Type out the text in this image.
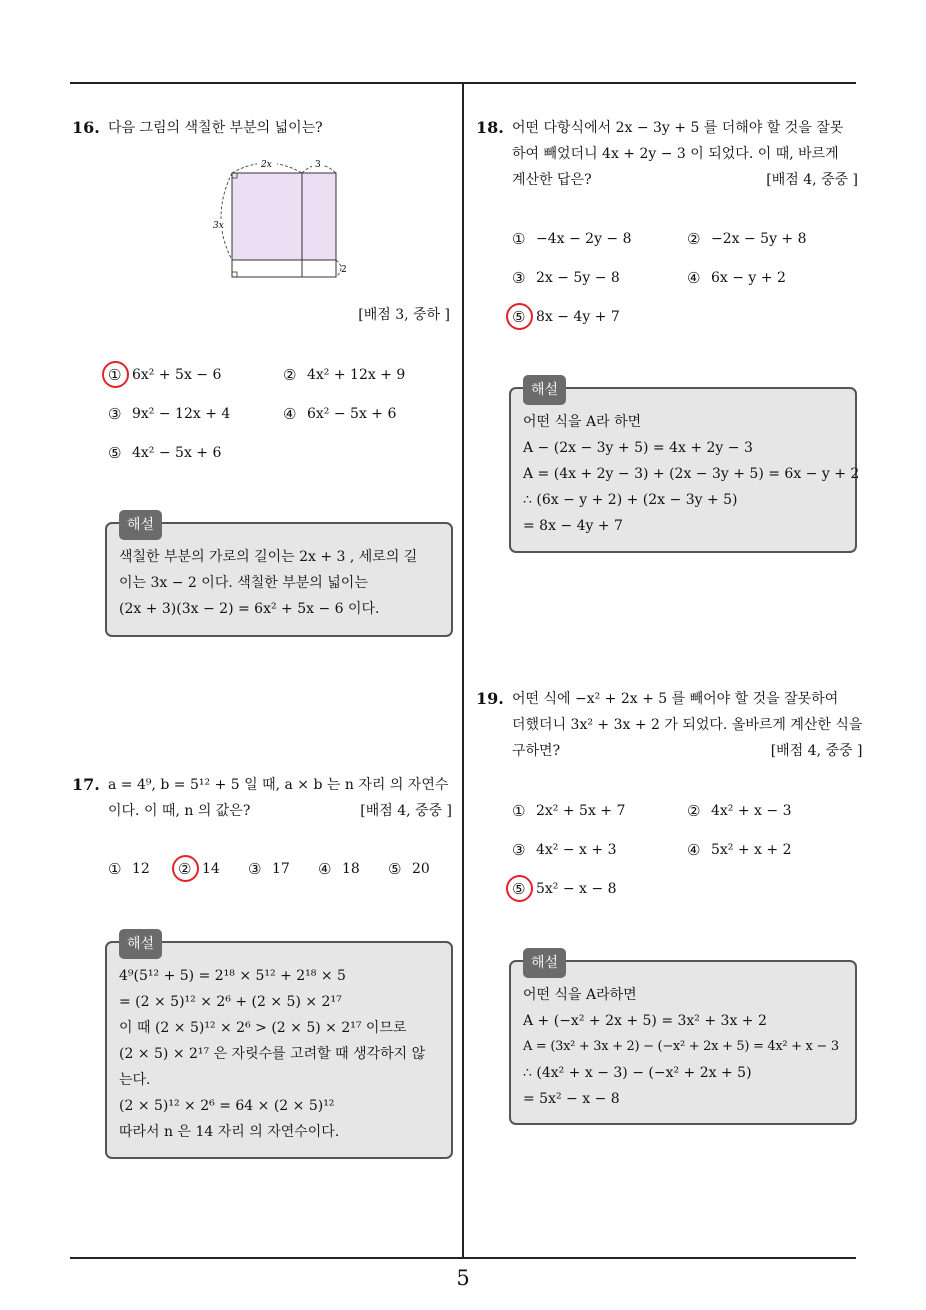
5
16. 다음 그림의 색칠한 부분의 넓이는?
2x	3
3x
2
[배점 3, 중하 ]
① 6x² + 5x − 6	② 4x² + 12x + 9
③ 9x² − 12x + 4	④ 6x² − 5x + 6
⑤ 4x² − 5x + 6
해설

색칠한 부분의 가로의 길이는 2x + 3 , 세로의 길

이는 3x − 2 이다. 색칠한 부분의 넓이는

(2x + 3)(3x − 2) = 6x² + 5x − 6 이다.

17. a = 4⁹, b = 5¹² + 5 일 때, a × b 는 n 자리 의 자연수
이다. 이 때, n 의 값은?	[배점 4, 중중 ]
① 12 ② 14 ③ 17 ④ 18 ⑤ 20
해설

4⁹(5¹² + 5) = 2¹⁸ × 5¹² + 2¹⁸ × 5

= (2 × 5)¹² × 2⁶ + (2 × 5) × 2¹⁷

이 때 (2 × 5)¹² × 2⁶ > (2 × 5) × 2¹⁷ 이므로

(2 × 5) × 2¹⁷ 은 자릿수를 고려할 때 생각하지 않

는다.

(2 × 5)¹² × 2⁶ = 64 × (2 × 5)¹²

따라서 n 은 14 자리 의 자연수이다.

18. 어떤 다항식에서 2x − 3y + 5 를 더해야 할 것을 잘못

하여 빼었더니 4x + 2y − 3 이 되었다. 이 때, 바르게

계산한 답은?	[배점 4, 중중 ]

① −4x − 2y − 8	② −2x − 5y + 8
③ 2x − 5y − 8	④ 6x − y + 2
⑤ 8x − 4y + 7
해설

어떤 식을 A라 하면

A − (2x − 3y + 5) = 4x + 2y − 3

A = (4x + 2y − 3) + (2x − 3y + 5) = 6x − y + 2

∴ (6x − y + 2) + (2x − 3y + 5)

= 8x − 4y + 7

19. 어떤 식에 −x² + 2x + 5 를 빼어야 할 것을 잘못하여

더했더니 3x² + 3x + 2 가 되었다. 올바르게 계산한 식을

구하면?	[배점 4, 중중 ]

① 2x² + 5x + 7	② 4x² + x − 3
③ 4x² − x + 3	④ 5x² + x + 2
⑤ 5x² − x − 8
해설

어떤 식을 A라하면

A + (−x² + 2x + 5) = 3x² + 3x + 2

A = (3x² + 3x + 2) − (−x² + 2x + 5) = 4x² + x − 3

∴ (4x² + x − 3) − (−x² + 2x + 5)

= 5x² − x − 8
